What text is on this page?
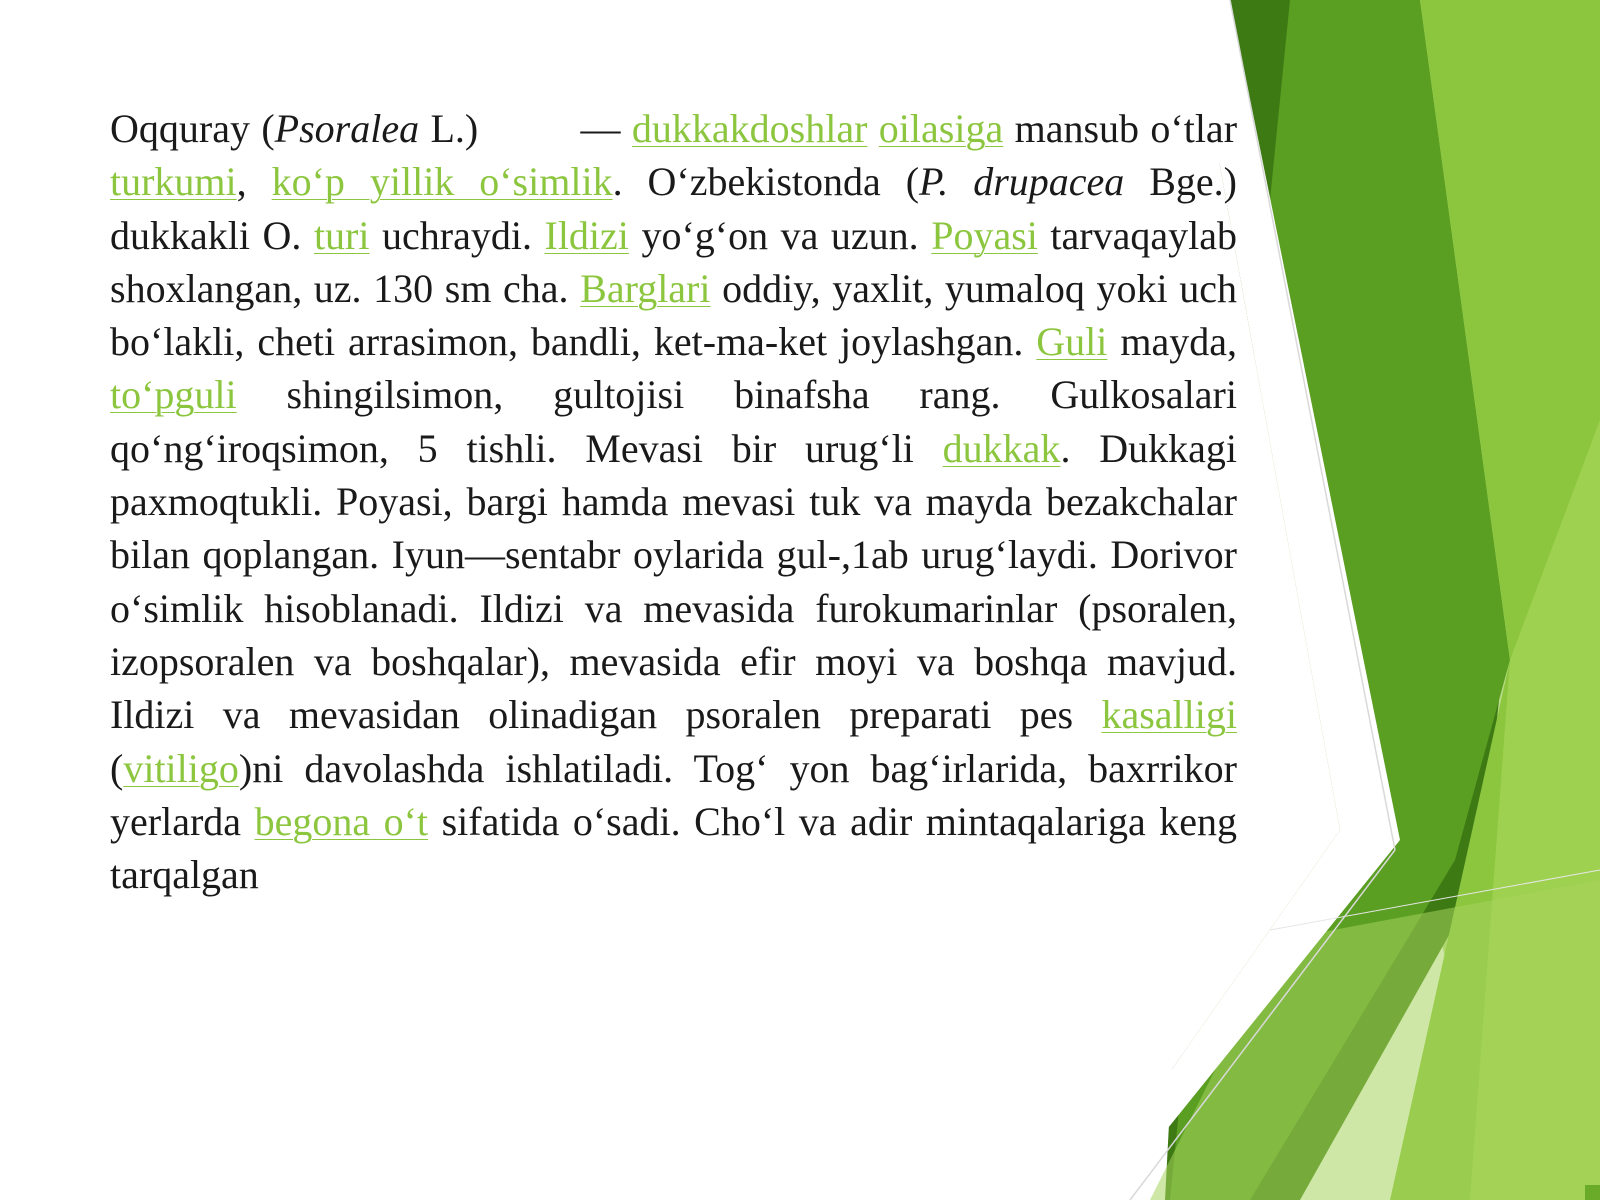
Oqquray (Psoralea L.)         — dukkakdoshlar oilasiga mansub o‘tlar turkumi, ko‘p yillik o‘simlik. O‘zbekistonda (P. drupacea Bge.) dukkakli O. turi uchraydi. Ildizi yo‘g‘on va uzun. Poyasi tarvaqaylab shoxlangan, uz. 130 sm cha. Barglari oddiy, yaxlit, yumaloq yoki uch bo‘lakli, cheti arrasimon, bandli, ket-ma-ket joylashgan. Guli mayda, to‘pguli shingilsimon, gultojisi binafsha rang. Gulkosalari qo‘ng‘iroqsimon, 5 tishli. Mevasi bir urug‘li dukkak. Dukkagi paxmoqtukli. Poyasi, bargi hamda mevasi tuk va mayda bezakchalar bilan qoplangan. Iyun—sentabr oylarida gul-,1ab urug‘laydi. Dorivor o‘simlik hisoblanadi. Ildizi va mevasida furokumarinlar (psoralen, izopsoralen va boshqalar), mevasida efir moyi va boshqa mavjud. Ildizi va mevasidan olinadigan psoralen preparati pes kasalligi (vitiligo)ni davolashda ishlatiladi. Tog‘ yon bag‘irlarida, baxrrikor yerlarda begona o‘t sifatida o‘sadi. Cho‘l va adir mintaqalariga keng tarqalgan
